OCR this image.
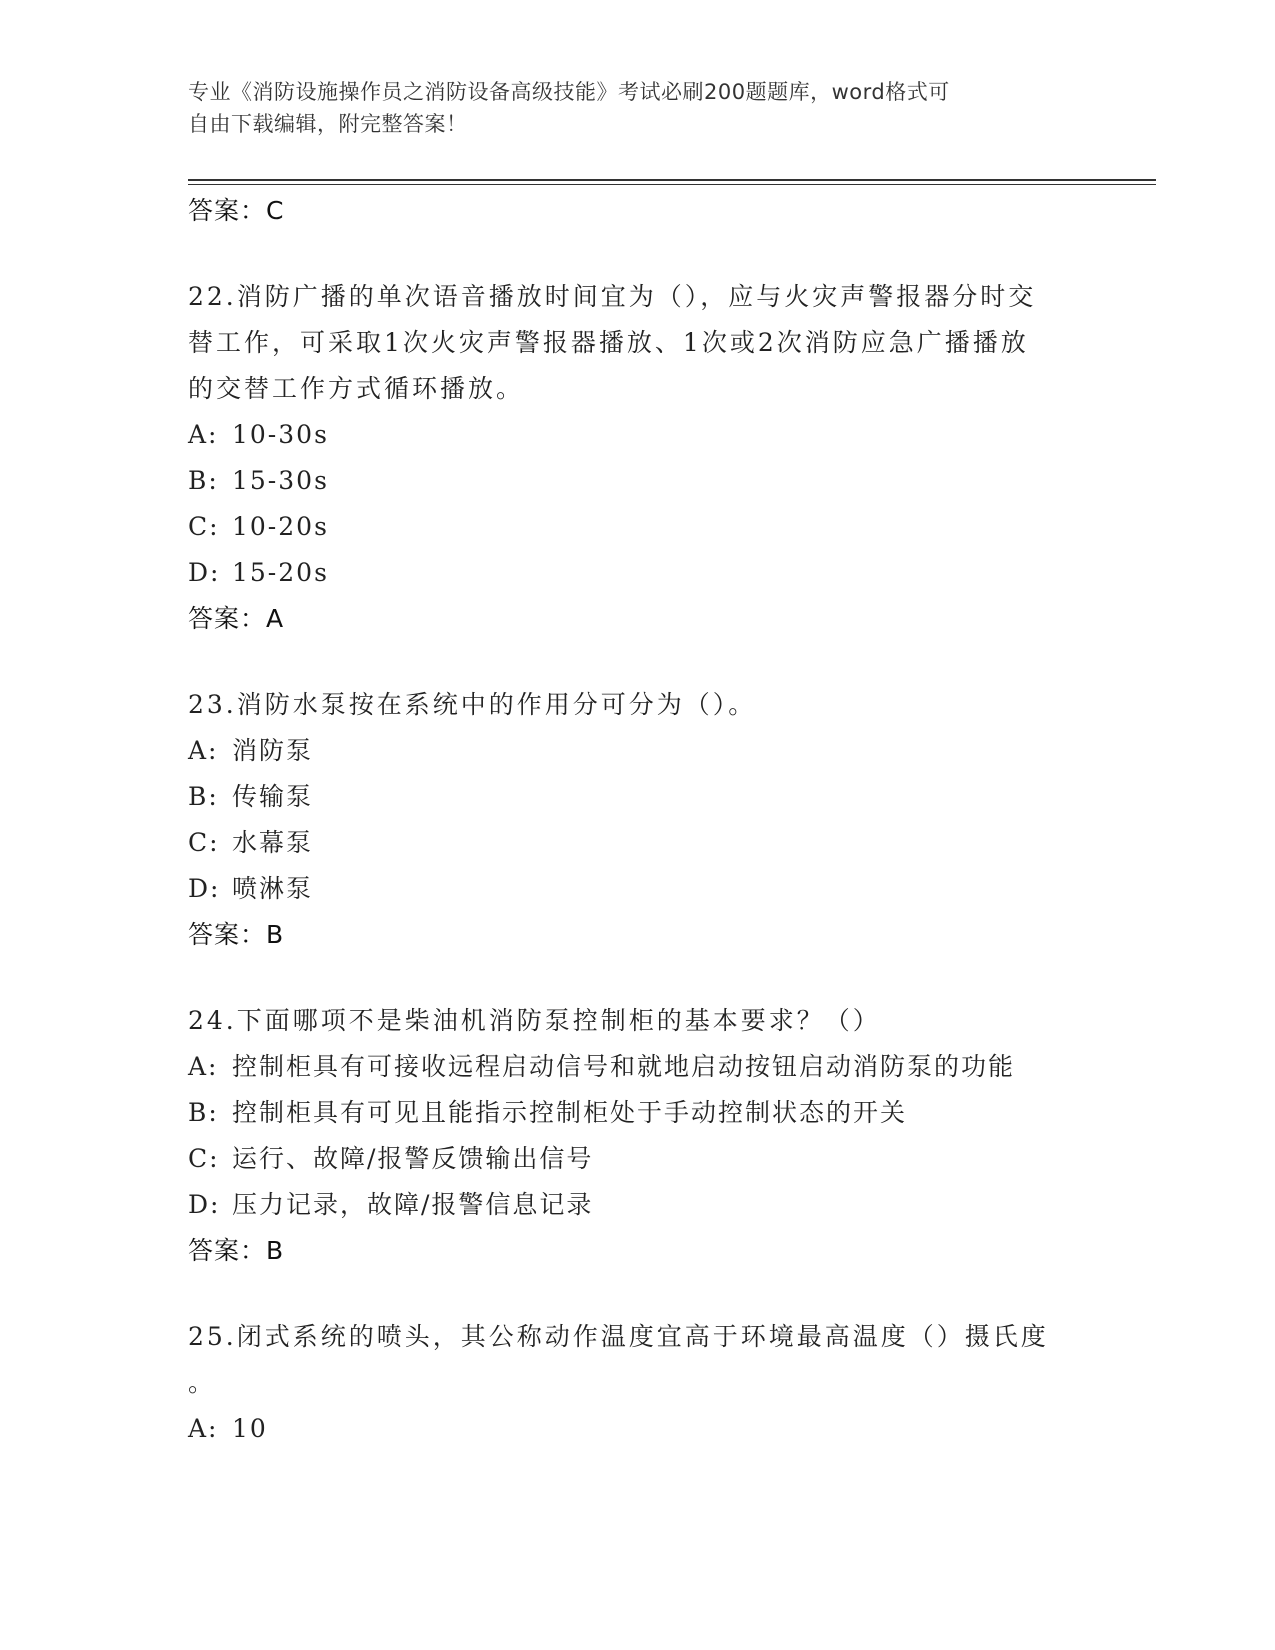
专业《消防设施操作员之消防设备高级技能》考试必刷200题题库，word格式可
自由下载编辑，附完整答案！
答案：C
22.消防广播的单次语音播放时间宜为（），应与火灾声警报器分时交
替工作，可采取1次火灾声警报器播放、1次或2次消防应急广播播放
的交替工作方式循环播放。
A: 10-30s
B: 15-30s
C: 10-20s
D: 15-20s
答案：A
23.消防水泵按在系统中的作用分可分为（）。
A: 消防泵
B: 传输泵
C: 水幕泵
D: 喷淋泵
答案：B
24.下面哪项不是柴油机消防泵控制柜的基本要求？（）
A: 控制柜具有可接收远程启动信号和就地启动按钮启动消防泵的功能
B: 控制柜具有可见且能指示控制柜处于手动控制状态的开关
C: 运行、故障/报警反馈输出信号
D: 压力记录，故障/报警信息记录
答案：B
25.闭式系统的喷头，其公称动作温度宜高于环境最高温度（）摄氏度
。
A: 10
